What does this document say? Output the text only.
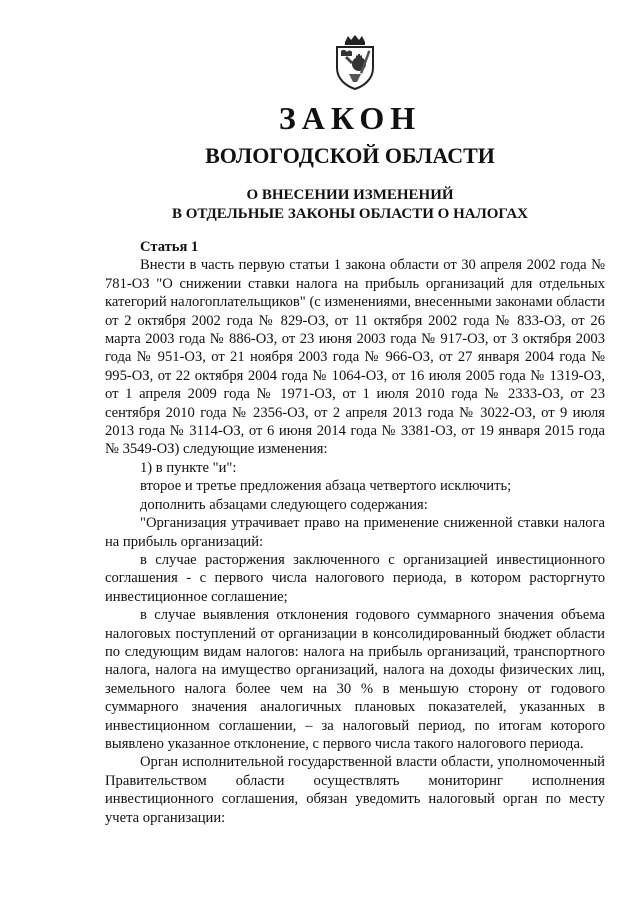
ЗАКОН
ВОЛОГОДСКОЙ ОБЛАСТИ
О ВНЕСЕНИИ ИЗМЕНЕНИЙ
В ОТДЕЛЬНЫЕ ЗАКОНЫ ОБЛАСТИ О НАЛОГАХ

Статья 1

Внести в часть первую статьи 1 закона области от 30 апреля 2002 года № 781-ОЗ "О снижении ставки налога на прибыль организаций для отдельных категорий налогоплательщиков" (с изменениями, внесенными законами области от 2 октября 2002 года № 829-ОЗ, от 11 октября 2002 года № 833-ОЗ, от 26 марта 2003 года № 886-ОЗ, от 23 июня 2003 года № 917-ОЗ, от 3 октября 2003 года № 951-ОЗ, от 21 ноября 2003 года № 966-ОЗ, от 27 января 2004 года № 995-ОЗ, от 22 октября 2004 года № 1064-ОЗ, от 16 июля 2005 года № 1319-ОЗ, от 1 апреля 2009 года № 1971-ОЗ, от 1 июля 2010 года № 2333-ОЗ, от 23 сентября 2010 года № 2356-ОЗ, от 2 апреля 2013 года № 3022-ОЗ, от 9 июля 2013 года № 3114-ОЗ, от 6 июня 2014 года № 3381-ОЗ, от 19 января 2015 года № 3549-ОЗ) следующие изменения:

1) в пункте "и":

второе и третье предложения абзаца четвертого исключить;

дополнить абзацами следующего содержания:

"Организация утрачивает право на применение сниженной ставки налога на прибыль организаций:

в случае расторжения заключенного с организацией инвестиционного соглашения - с первого числа налогового периода, в котором расторгнуто инвестиционное соглашение;

в случае выявления отклонения годового суммарного значения объема налоговых поступлений от организации в консолидированный бюджет области по следующим видам налогов: налога на прибыль организаций, транспортного налога, налога на имущество организаций, налога на доходы физических лиц, земельного налога более чем на 30 % в меньшую сторону от годового суммарного значения аналогичных плановых показателей, указанных в инвестиционном соглашении, – за налоговый период, по итогам которого выявлено указанное отклонение, с первого числа такого налогового периода.

Орган исполнительной государственной власти области, уполномоченный Правительством области осуществлять мониторинг исполнения инвестиционного соглашения, обязан уведомить налоговый орган по месту учета организации:
